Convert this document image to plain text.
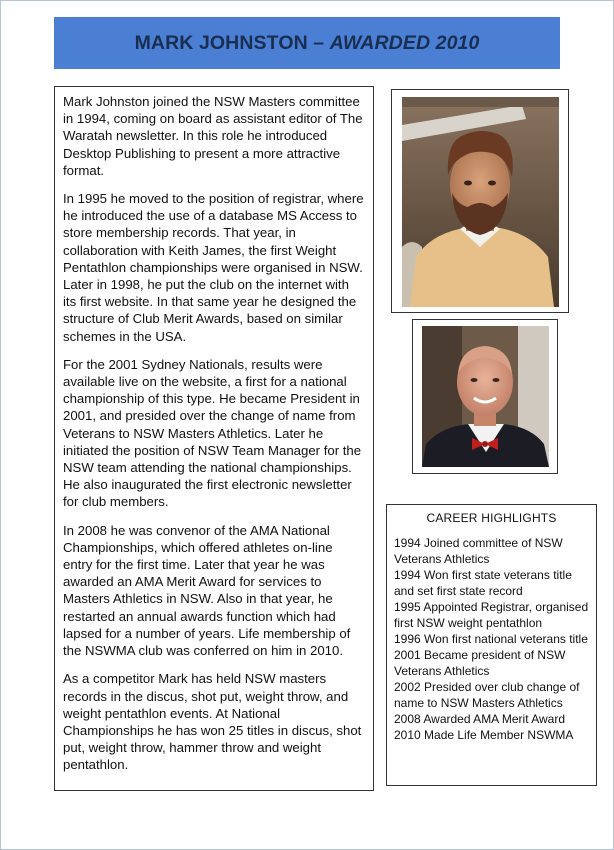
MARK JOHNSTON – AWARDED 2010

Mark Johnston joined the NSW Masters committee in 1994, coming on board as assistant editor of The Waratah newsletter. In this role he introduced Desktop Publishing to present a more attractive format.

In 1995 he moved to the position of registrar, where he introduced the use of a database MS Access to store membership records. That year, in collaboration with Keith James, the first Weight Pentathlon championships were organised in NSW. Later in 1998, he put the club on the internet with its first website. In that same year he designed the structure of Club Merit Awards, based on similar schemes in the USA.

For the 2001 Sydney Nationals, results were available live on the website, a first for a national championship of this type. He became President in 2001, and presided over the change of name from Veterans to NSW Masters Athletics. Later he initiated the position of NSW Team Manager for the NSW team attending the national championships. He also inaugurated the first electronic newsletter for club members.

In 2008 he was convenor of the AMA National Championships, which offered athletes on-line entry for the first time. Later that year he was awarded an AMA Merit Award for services to Masters Athletics in NSW. Also in that year, he restarted an annual awards function which had lapsed for a number of years. Life membership of the NSWMA club was conferred on him in 2010.

As a competitor Mark has held NSW masters records in the discus, shot put, weight throw, and weight pentathlon events. At National Championships he has won 25 titles in discus, shot put, weight throw, hammer throw and weight pentathlon.

CAREER HIGHLIGHTS
1994 Joined committee of NSW Veterans Athletics
1994 Won first state veterans title and set first state record
1995 Appointed Registrar, organised first NSW weight pentathlon
1996 Won first national veterans title
2001 Became president of NSW Veterans Athletics
2002 Presided over club change of name to NSW Masters Athletics
2008 Awarded AMA Merit Award
2010 Made Life Member NSWMA
